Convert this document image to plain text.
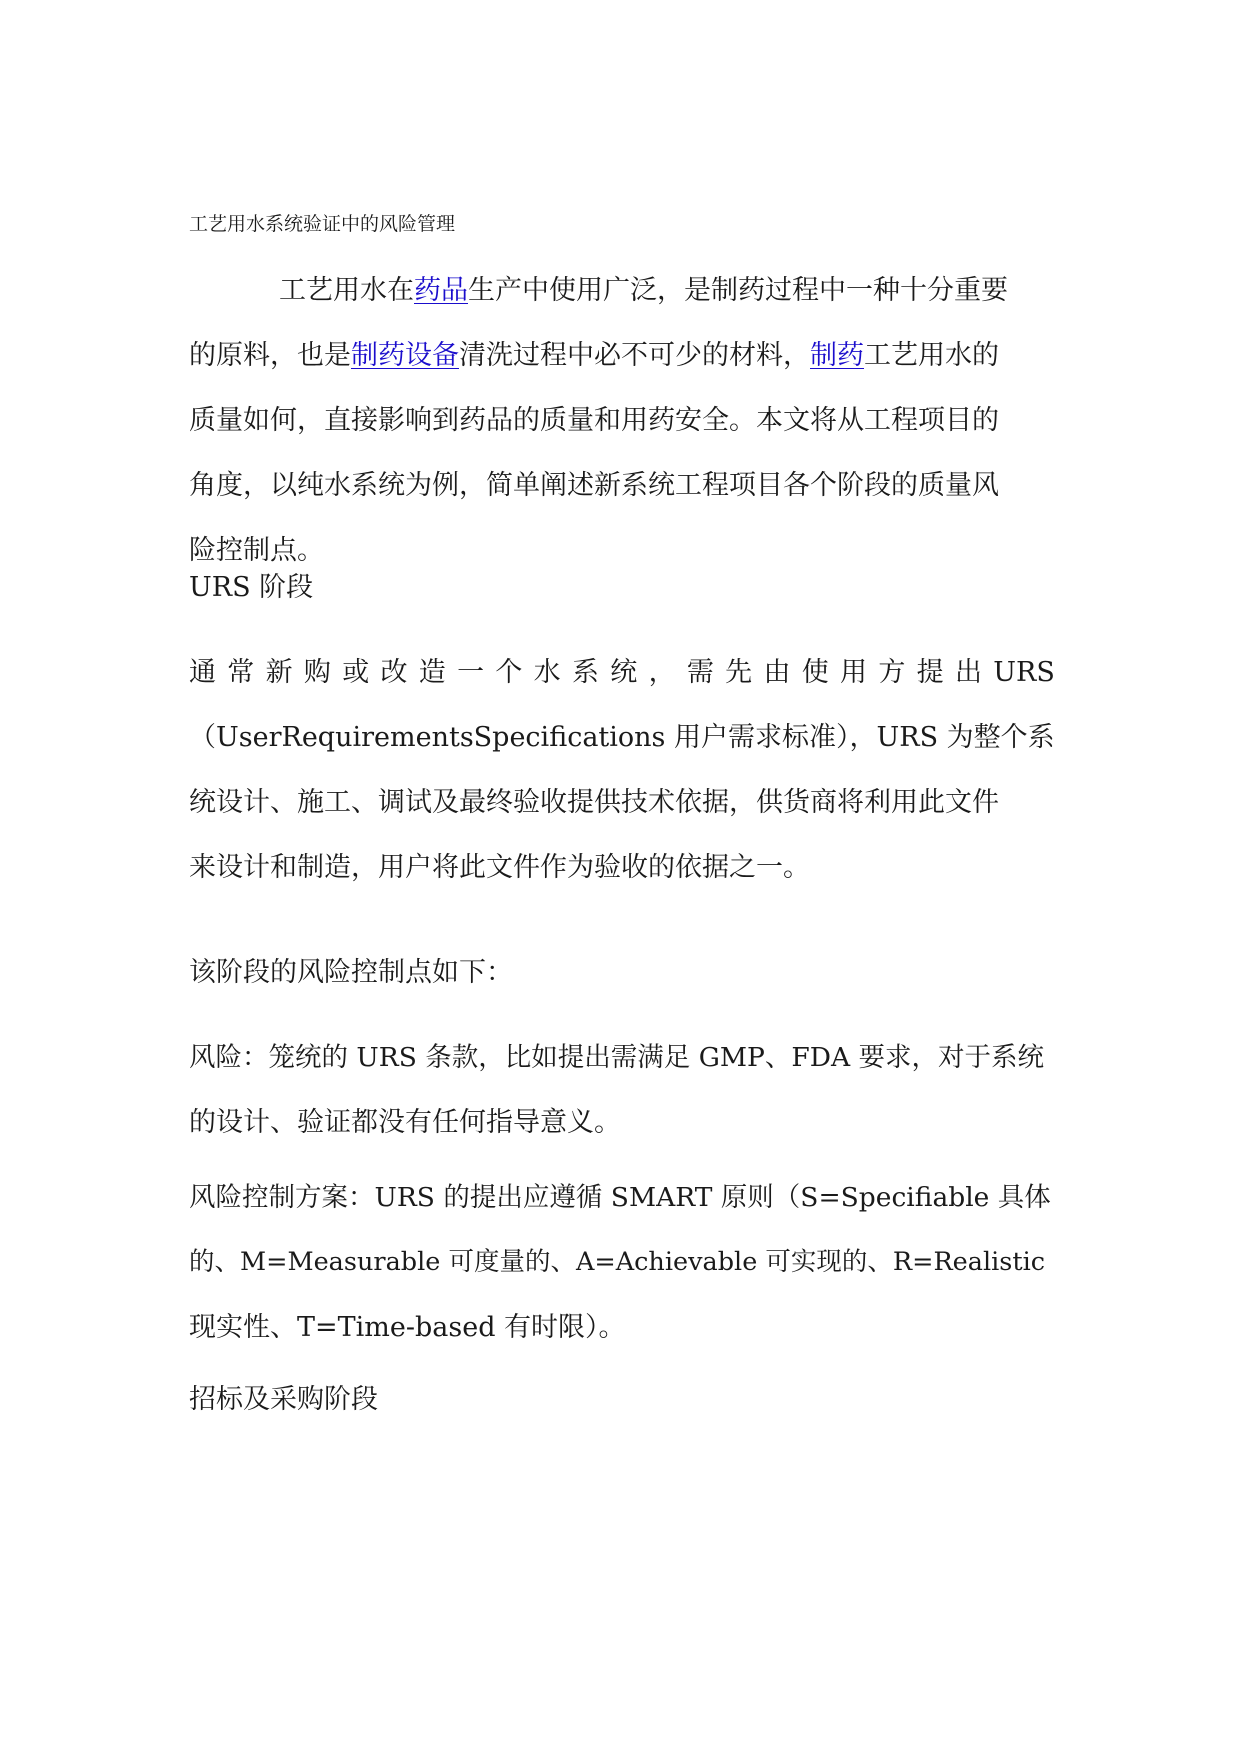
工艺用水系统验证中的风险管理
工艺用水在药品生产中使用广泛，是制药过程中一种十分重要
的原料，也是制药设备清洗过程中必不可少的材料，制药工艺用水的
质量如何，直接影响到药品的质量和用药安全。本文将从工程项目的
角度，以纯水系统为例，简单阐述新系统工程项目各个阶段的质量风
险控制点。
URS 阶段
通 常 新 购 或 改 造 一 个 水 系 统 ， 需 先 由 使 用 方 提 出 URS
（UserRequirementsSpecifications 用户需求标准），URS 为整个系
统设计、施工、调试及最终验收提供技术依据，供货商将利用此文件
来设计和制造，用户将此文件作为验收的依据之一。
该阶段的风险控制点如下：
风险：笼统的 URS 条款，比如提出需满足 GMP、FDA 要求，对于系统
的设计、验证都没有任何指导意义。
风险控制方案：URS 的提出应遵循 SMART 原则（S=Specifiable 具体
的、M=Measurable 可度量的、A=Achievable 可实现的、R=Realistic
现实性、T=Time-based 有时限）。
招标及采购阶段
